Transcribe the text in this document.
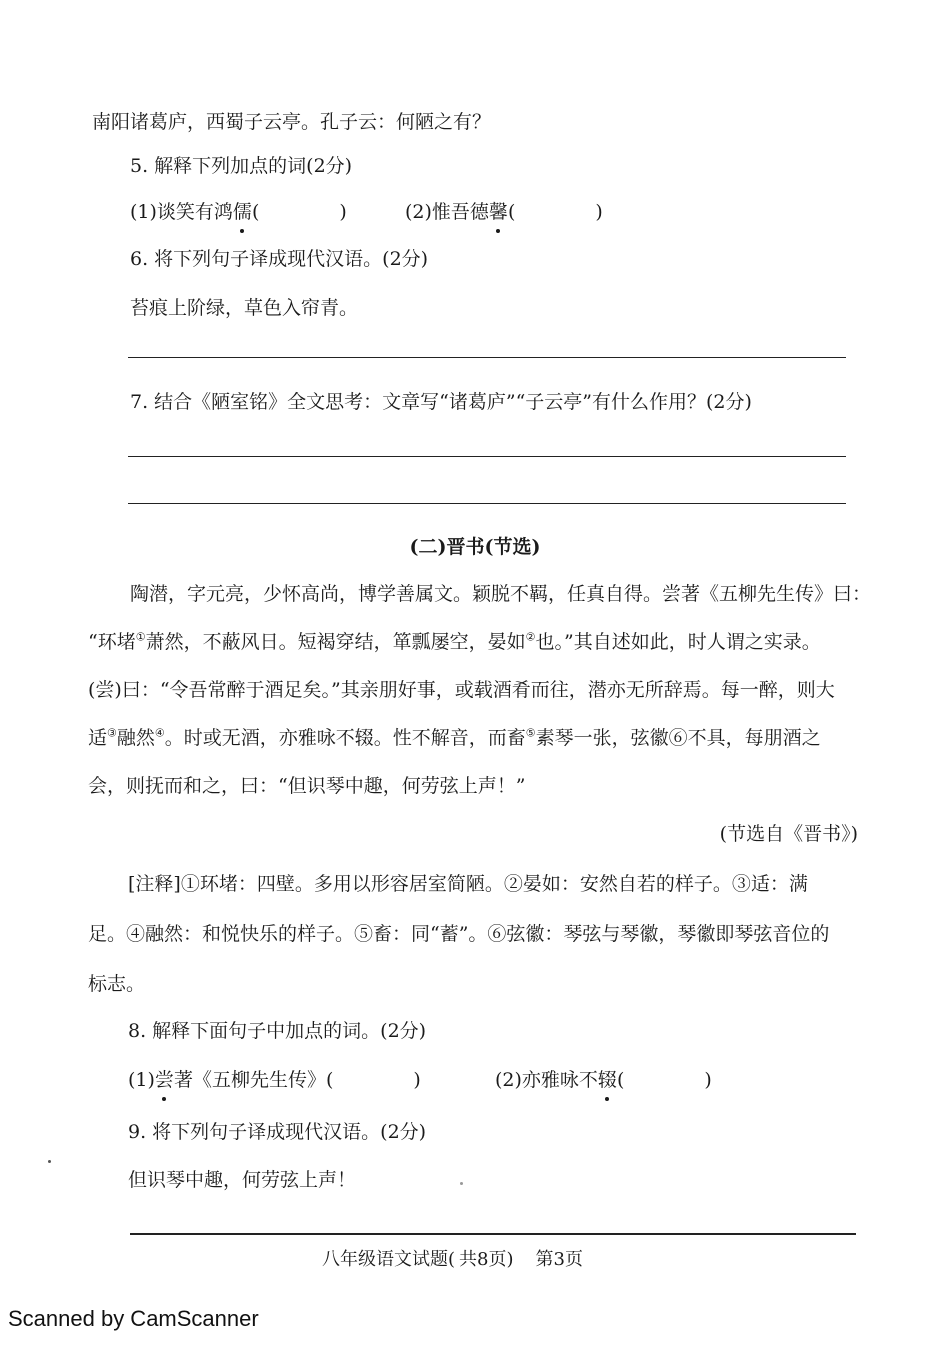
南阳诸葛庐，西蜀子云亭。孔子云：何陋之有？
5. 解释下列加点的词(2分)
(1)谈笑有鸿儒(	)	(2)惟吾德馨(	)
6. 将下列句子译成现代汉语。(2分)
苔痕上阶绿，草色入帘青。
7. 结合《陋室铭》全文思考：文章写“诸葛庐”“子云亭”有什么作用？(2分)
(二)晋书(节选)
陶潜，字元亮，少怀高尚，博学善属文。颖脱不羁，任真自得。尝著《五柳先生传》曰：
“环堵①萧然，不蔽风日。短褐穿结，箪瓢屡空，晏如②也。”其自述如此，时人谓之实录。
(尝)曰：“令吾常醉于酒足矣。”其亲朋好事，或载酒肴而往，潜亦无所辞焉。每一醉，则大
适③融然④。时或无酒，亦雅咏不辍。性不解音，而畜⑤素琴一张，弦徽⑥不具，每朋酒之
会，则抚而和之，曰：“但识琴中趣，何劳弦上声！”
(节选自《晋书》)
[注释]①环堵：四壁。多用以形容居室简陋。②晏如：安然自若的样子。③适：满
足。④融然：和悦快乐的样子。⑤畜：同“蓄”。⑥弦徽：琴弦与琴徽，琴徽即琴弦音位的
标志。
8. 解释下面句子中加点的词。(2分)
(1)尝著《五柳先生传》(	)	(2)亦雅咏不辍(	)
9. 将下列句子译成现代汉语。(2分)
但识琴中趣，何劳弦上声！
八年级语文试题( 共8页) 第3页
Scanned by CamScanner
